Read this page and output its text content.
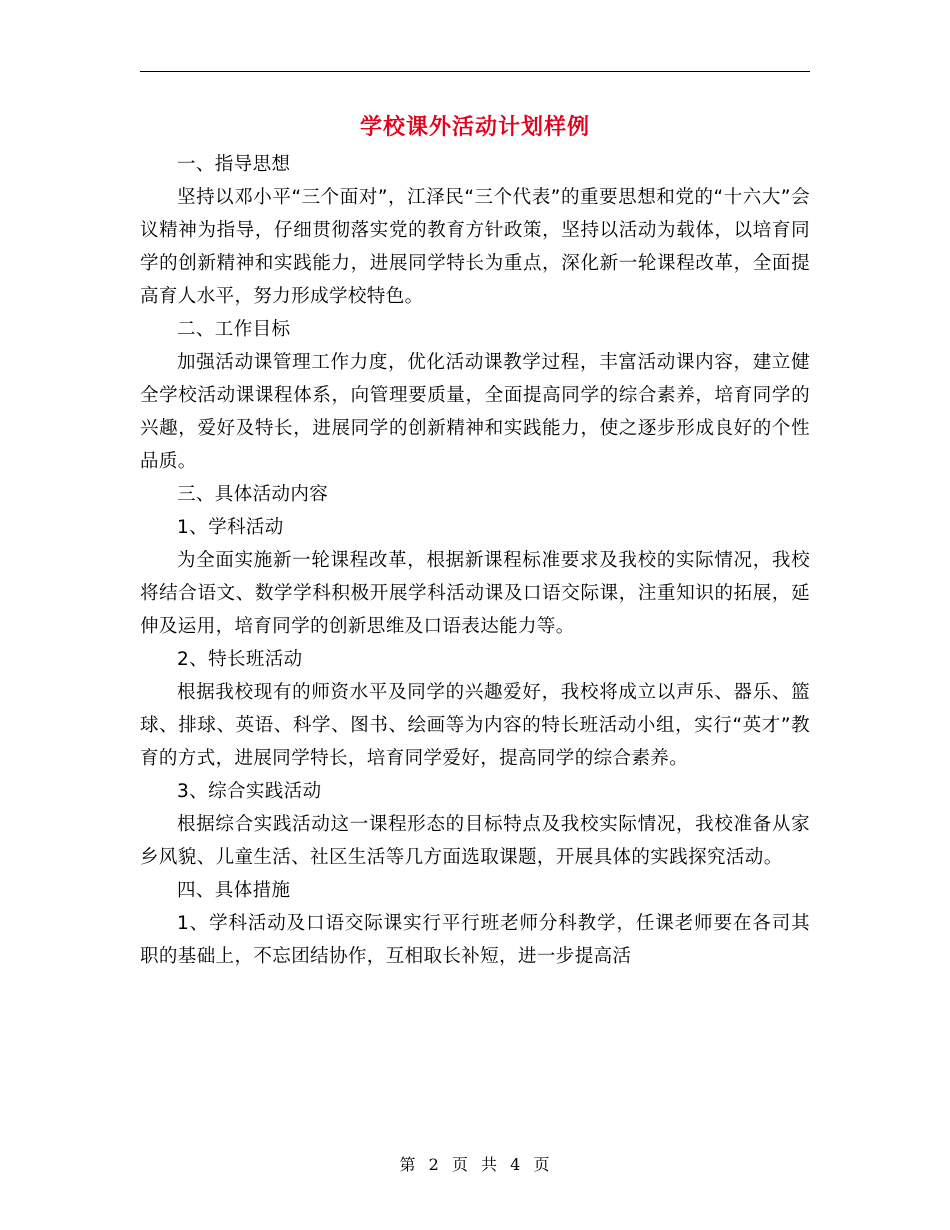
学校课外活动计划样例

一、指导思想

坚持以邓小平“三个面对”，江泽民“三个代表”的重要思想和党的“十六大”会议精神为指导，仔细贯彻落实党的教育方针政策，坚持以活动为载体，以培育同学的创新精神和实践能力，进展同学特长为重点，深化新一轮课程改革，全面提高育人水平，努力形成学校特色。

二、工作目标

加强活动课管理工作力度，优化活动课教学过程，丰富活动课内容，建立健全学校活动课课程体系，向管理要质量，全面提高同学的综合素养，培育同学的兴趣，爱好及特长，进展同学的创新精神和实践能力，使之逐步形成良好的个性品质。

三、具体活动内容

1、学科活动

为全面实施新一轮课程改革，根据新课程标准要求及我校的实际情况，我校将结合语文、数学学科积极开展学科活动课及口语交际课，注重知识的拓展，延伸及运用，培育同学的创新思维及口语表达能力等。

2、特长班活动

根据我校现有的师资水平及同学的兴趣爱好，我校将成立以声乐、器乐、篮球、排球、英语、科学、图书、绘画等为内容的特长班活动小组，实行“英才”教育的方式，进展同学特长，培育同学爱好，提高同学的综合素养。

3、综合实践活动

根据综合实践活动这一课程形态的目标特点及我校实际情况，我校准备从家乡风貌、儿童生活、社区生活等几方面选取课题，开展具体的实践探究活动。

四、具体措施

1、学科活动及口语交际课实行平行班老师分科教学，任课老师要在各司其职的基础上，不忘团结协作，互相取长补短，进一步提高活

第 2 页 共 4 页
